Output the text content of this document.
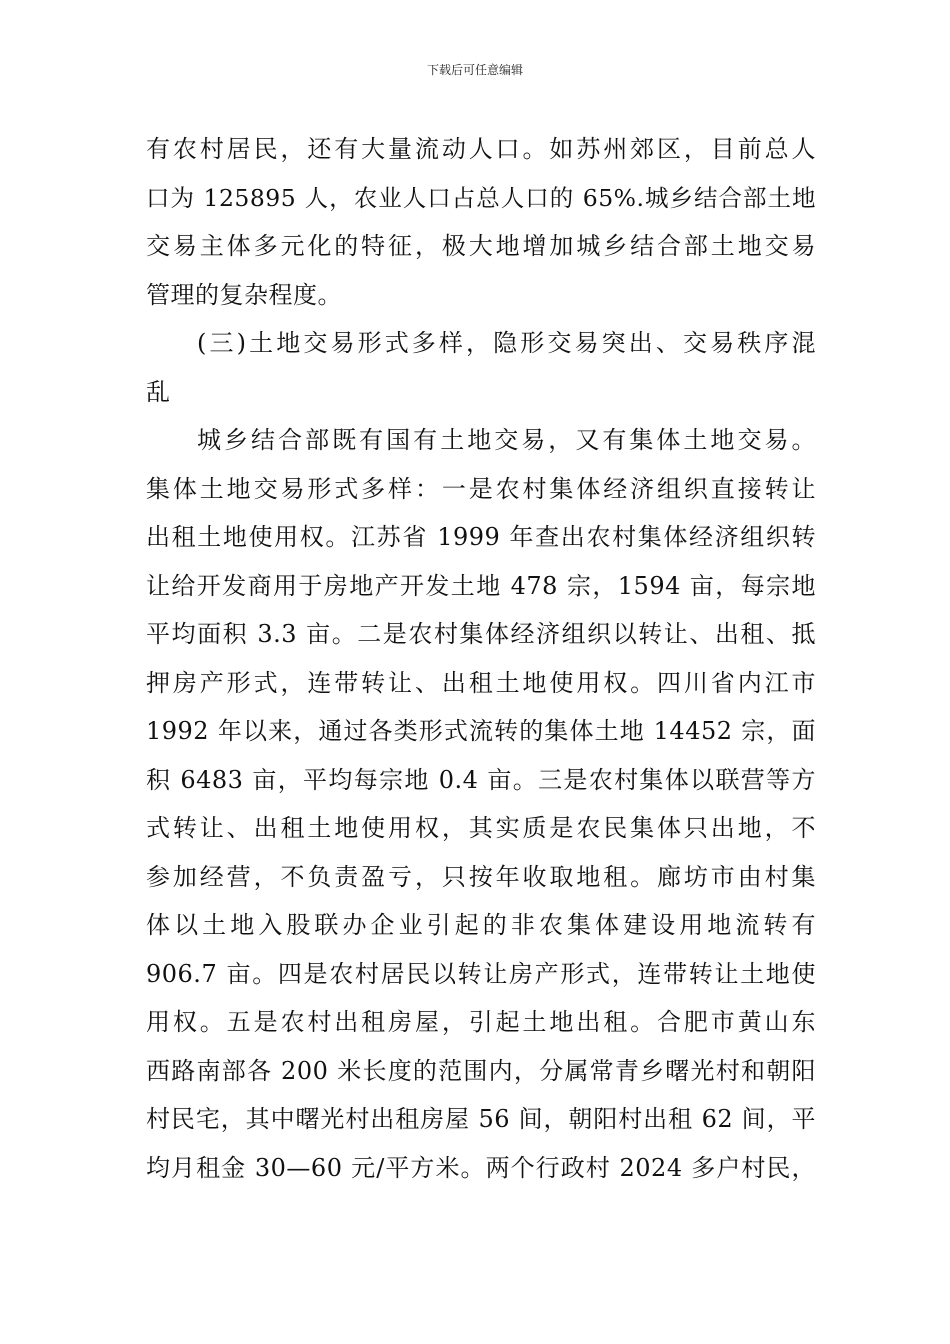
下载后可任意编辑
有农村居民，还有大量流动人口。如苏州郊区，目前总人
口为 125895 人，农业人口占总人口的 65%.城乡结合部土地
交易主体多元化的特征，极大地增加城乡结合部土地交易
管理的复杂程度。
(三)土地交易形式多样，隐形交易突出、交易秩序混
乱
城乡结合部既有国有土地交易，又有集体土地交易。
集体土地交易形式多样：一是农村集体经济组织直接转让
出租土地使用权。江苏省 1999 年查出农村集体经济组织转
让给开发商用于房地产开发土地 478 宗，1594 亩，每宗地
平均面积 3.3 亩。二是农村集体经济组织以转让、出租、抵
押房产形式，连带转让、出租土地使用权。四川省内江市
1992 年以来，通过各类形式流转的集体土地 14452 宗，面
积 6483 亩，平均每宗地 0.4 亩。三是农村集体以联营等方
式转让、出租土地使用权，其实质是农民集体只出地，不
参加经营，不负责盈亏，只按年收取地租。廊坊市由村集
体以土地入股联办企业引起的非农集体建设用地流转有
906.7 亩。四是农村居民以转让房产形式，连带转让土地使
用权。五是农村出租房屋，引起土地出租。合肥市黄山东
西路南部各 200 米长度的范围内，分属常青乡曙光村和朝阳
村民宅，其中曙光村出租房屋 56 间，朝阳村出租 62 间，平
均月租金 30—60 元/平方米。两个行政村 2024 多户村民，
